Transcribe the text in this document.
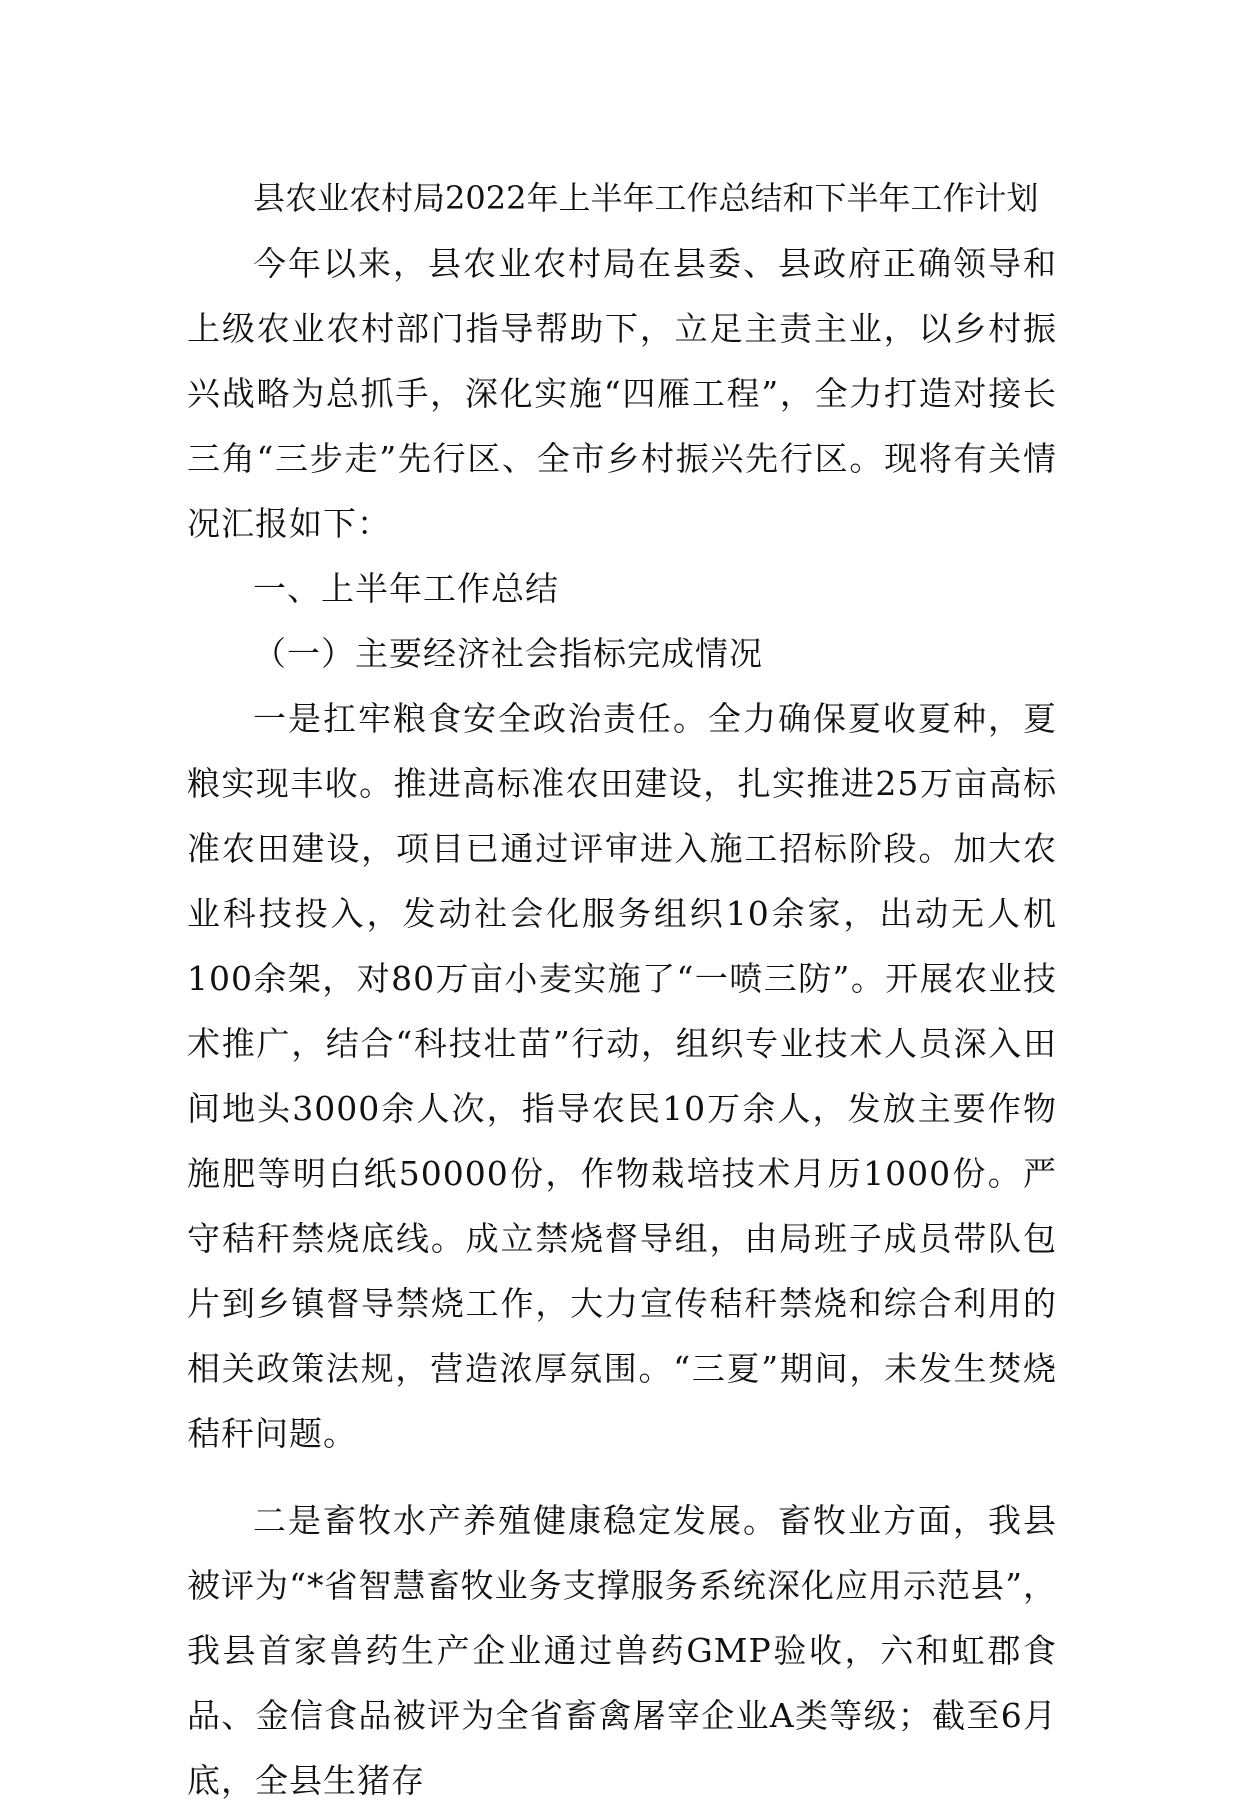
县农业农村局2022年上半年工作总结和下半年工作计划

今年以来，县农业农村局在县委、县政府正确领导和上级农业农村部门指导帮助下，立足主责主业，以乡村振兴战略为总抓手，深化实施“四雁工程”，全力打造对接长三角“三步走”先行区、全市乡村振兴先行区。现将有关情况汇报如下：

一、上半年工作总结

（一）主要经济社会指标完成情况

一是扛牢粮食安全政治责任。全力确保夏收夏种，夏粮实现丰收。推进高标准农田建设，扎实推进25万亩高标准农田建设，项目已通过评审进入施工招标阶段。加大农业科技投入，发动社会化服务组织10余家，出动无人机100余架，对80万亩小麦实施了“一喷三防”。开展农业技术推广，结合“科技壮苗”行动，组织专业技术人员深入田间地头3000余人次，指导农民10万余人，发放主要作物施肥等明白纸50000份，作物栽培技术月历1000份。严守秸秆禁烧底线。成立禁烧督导组，由局班子成员带队包片到乡镇督导禁烧工作，大力宣传秸秆禁烧和综合利用的相关政策法规，营造浓厚氛围。“三夏”期间，未发生焚烧秸秆问题。

二是畜牧水产养殖健康稳定发展。畜牧业方面，我县被评为“*省智慧畜牧业务支撑服务系统深化应用示范县”，我县首家兽药生产企业通过兽药GMP验收，六和虹郡食品、金信食品被评为全省畜禽屠宰企业A类等级；截至6月底，全县生猪存
